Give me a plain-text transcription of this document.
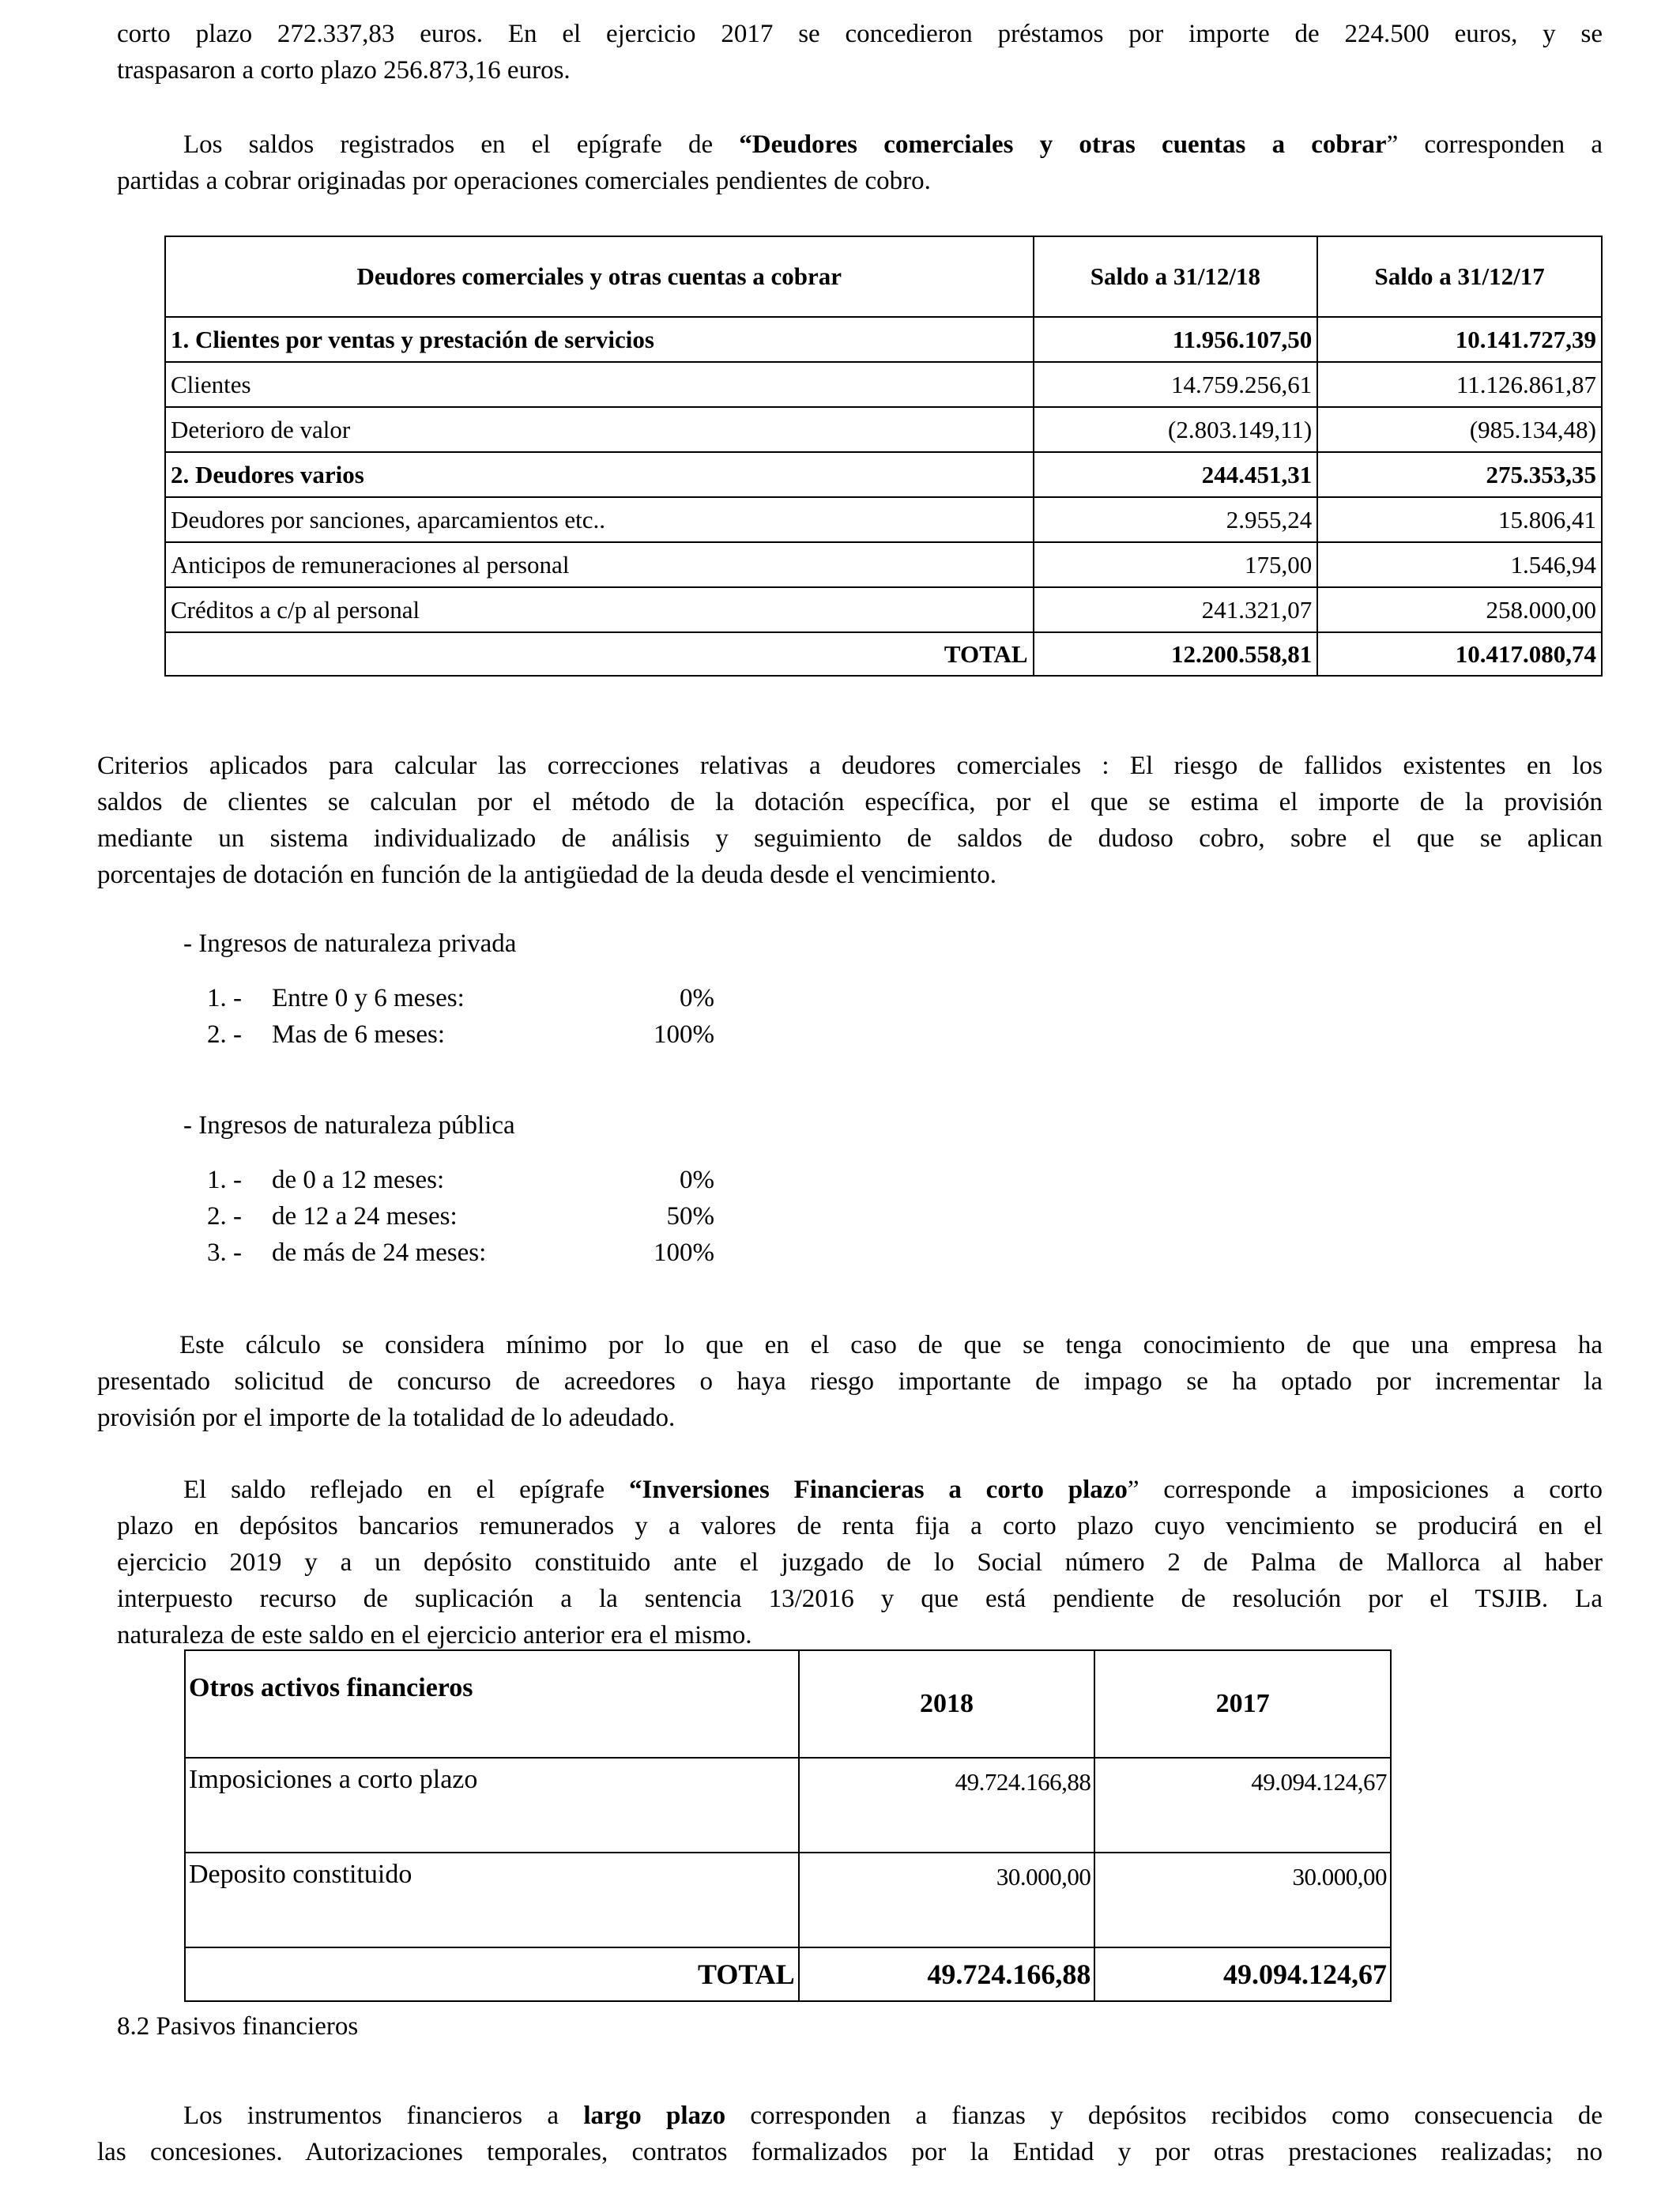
corto plazo 272.337,83 euros. En el ejercicio 2017 se concedieron préstamos por importe de 224.500 euros, y se
traspasaron a corto plazo 256.873,16 euros.
Los saldos registrados en el epígrafe de “Deudores comerciales y otras cuentas a cobrar” corresponden a
partidas a cobrar originadas por operaciones comerciales pendientes de cobro.
Deudores comerciales y otras cuentas a cobrar	Saldo a 31/12/18	Saldo a 31/12/17
1. Clientes por ventas y prestación de servicios	11.956.107,50	10.141.727,39
Clientes	14.759.256,61	11.126.861,87
Deterioro de valor	(2.803.149,11)	(985.134,48)
2. Deudores varios	244.451,31	275.353,35
Deudores por sanciones, aparcamientos etc..	2.955,24	15.806,41
Anticipos de remuneraciones al personal	175,00	1.546,94
Créditos a c/p al personal	241.321,07	258.000,00
TOTAL	12.200.558,81	10.417.080,74
Criterios aplicados para calcular las correcciones relativas a deudores comerciales : El riesgo de fallidos existentes en los
saldos de clientes se calculan por el método de la dotación específica, por el que se estima el importe de la provisión
mediante un sistema individualizado de análisis y seguimiento de saldos de dudoso cobro, sobre el que se aplican
porcentajes de dotación en función de la antigüedad de la deuda desde el vencimiento.
- Ingresos de naturaleza privada
1. - Entre 0 y 6 meses:	0%
2. - Mas de 6 meses:	100%
- Ingresos de naturaleza pública
1. - de 0 a 12 meses:	0%
2. - de 12 a 24 meses:	50%
3. - de más de 24 meses:	100%
Este cálculo se considera mínimo por lo que en el caso de que se tenga conocimiento de que una empresa ha
presentado solicitud de concurso de acreedores o haya riesgo importante de impago se ha optado por incrementar la
provisión por el importe de la totalidad de lo adeudado.
El saldo reflejado en el epígrafe “Inversiones Financieras a corto plazo” corresponde a imposiciones a corto
plazo en depósitos bancarios remunerados y a valores de renta fija a corto plazo cuyo vencimiento se producirá en el
ejercicio 2019 y a un depósito constituido ante el juzgado de lo Social número 2 de Palma de Mallorca al haber
interpuesto recurso de suplicación a la sentencia 13/2016 y que está pendiente de resolución por el TSJIB. La
naturaleza de este saldo en el ejercicio anterior era el mismo.
Otros activos financieros	2018	2017
Imposiciones a corto plazo	49.724.166,88	49.094.124,67
Deposito constituido	30.000,00	30.000,00
TOTAL	49.724.166,88	49.094.124,67
8.2 Pasivos financieros
Los instrumentos financieros a largo plazo corresponden a fianzas y depósitos recibidos como consecuencia de
las concesiones. Autorizaciones temporales, contratos formalizados por la Entidad y por otras prestaciones realizadas; no
